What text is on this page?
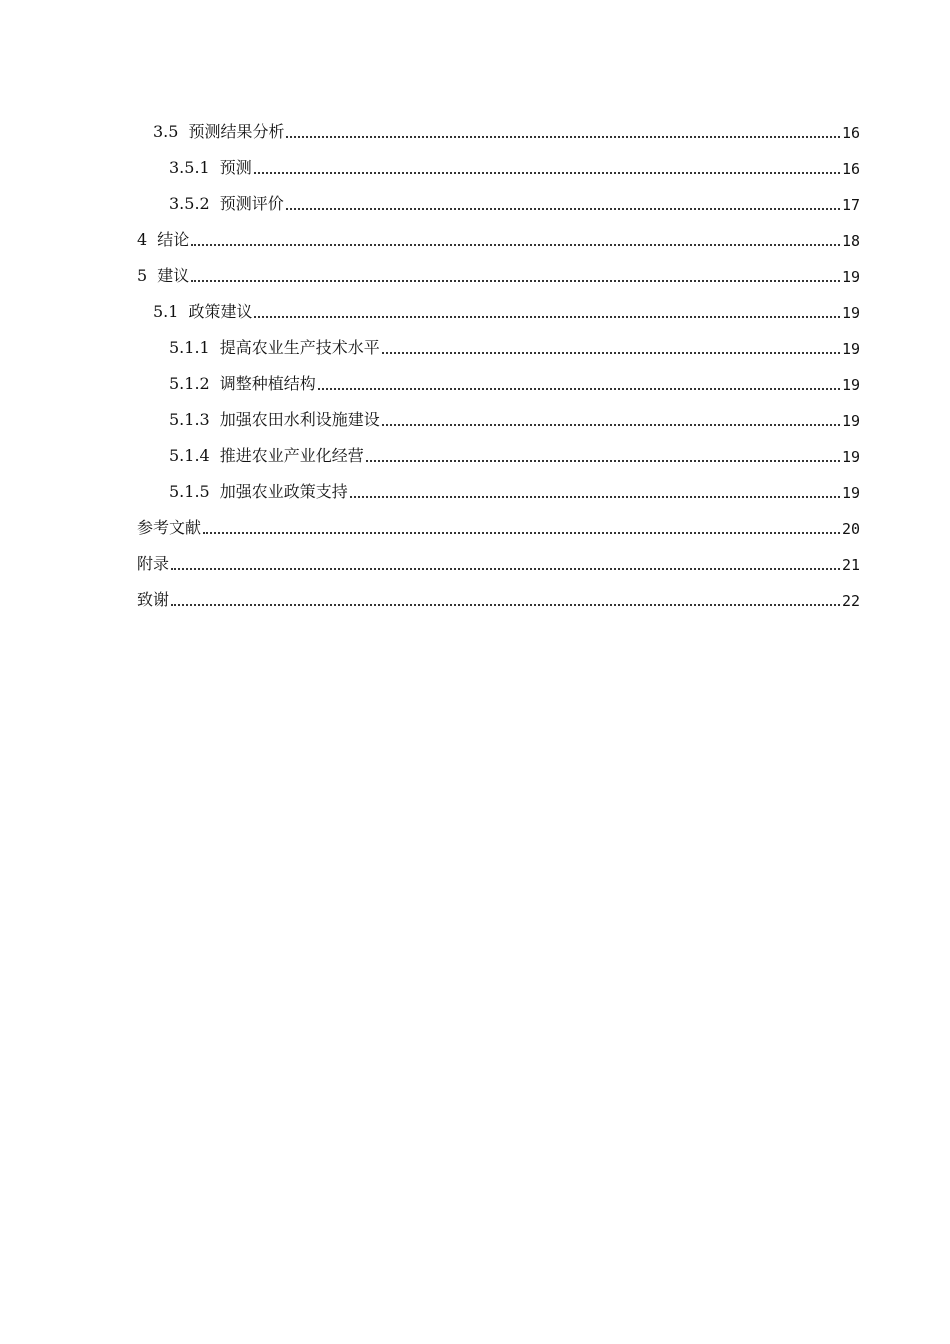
3.5 预测结果分析	16
3.5.1 预测	16
3.5.2 预测评价	17
4 结论	18
5 建议	19
5.1 政策建议	19
5.1.1 提高农业生产技术水平	19
5.1.2 调整种植结构	19
5.1.3 加强农田水利设施建设	19
5.1.4 推进农业产业化经营	19
5.1.5 加强农业政策支持	19
参考文献	20
附录	21
致谢	22
